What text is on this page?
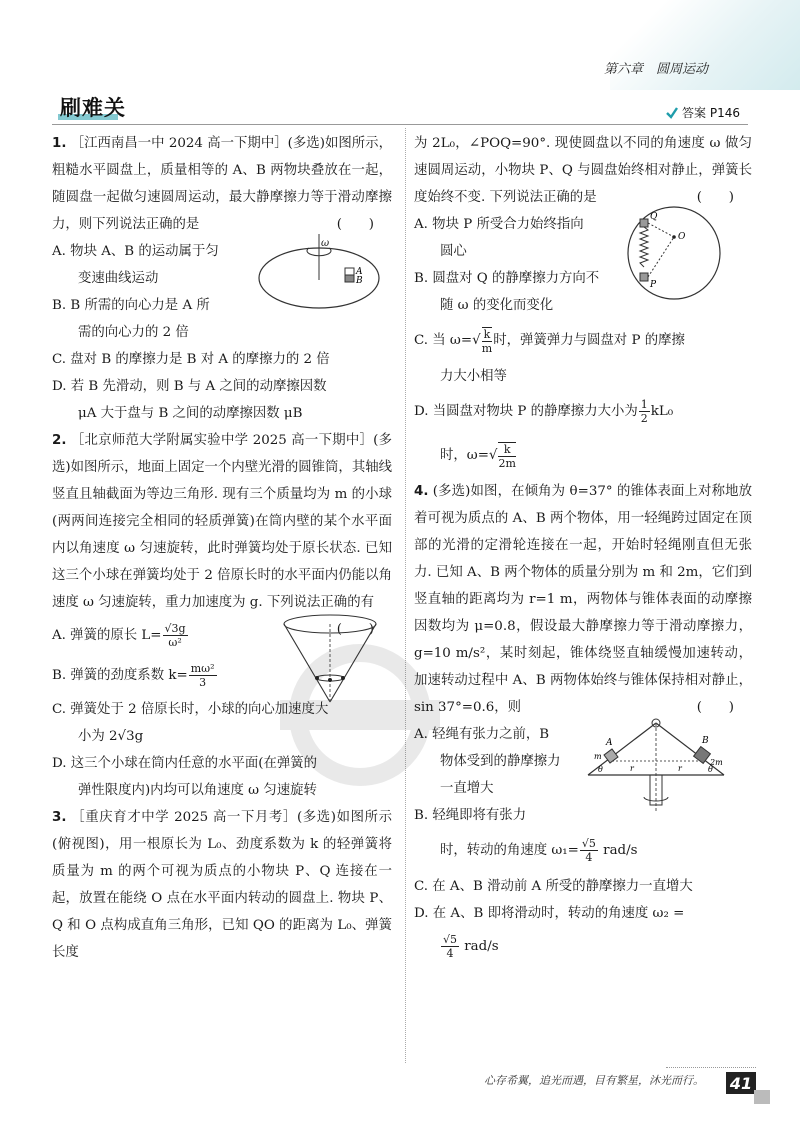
第六章　圆周运动
刷难关	答案 P146

1. ［江西南昌一中 2024 高一下期中］(多选)如图所示，粗糙水平圆盘上，质量相等的 A、B 两物块叠放在一起，随圆盘一起做匀速圆周运动，最大静摩擦力等于滑动摩擦力，则下列说法正确的是	(　　)

A. 物块 A、B 的运动属于匀

变速曲线运动

B. B 所需的向心力是 A 所

需的向心力的 2 倍

ω
A
B

C. 盘对 B 的摩擦力是 B 对 A 的摩擦力的 2 倍

D. 若 B 先滑动，则 B 与 A 之间的动摩擦因数

μA 大于盘与 B 之间的动摩擦因数 μB

2. ［北京师范大学附属实验中学 2025 高一下期中］(多选)如图所示，地面上固定一个内壁光滑的圆锥筒，其轴线竖直且轴截面为等边三角形. 现有三个质量均为 m 的小球(两两间连接完全相同的轻质弹簧)在筒内壁的某个水平面内以角速度 ω 匀速旋转，此时弹簧均处于原长状态. 已知这三个小球在弹簧均处于 2 倍原长时的水平面内仍能以角速度 ω 匀速旋转，重力加速度为 g. 下列说法正确的有
(　　)

A. 弹簧的原长 $L= \frac{√3g}{\text{ω²}}$

B. 弹簧的劲度系数 $k= \frac{\text{mω²}}{3}$

C. 弹簧处于 2 倍原长时，小球的向心加速度大

小为 2√3g

D. 这三个小球在筒内任意的水平面(在弹簧的

弹性限度内)内均可以角速度 ω 匀速旋转

3. ［重庆育才中学 2025 高一下月考］(多选)如图所示(俯视图)，用一根原长为 L₀、劲度系数为 k 的轻弹簧将质量为 m 的两个可视为质点的小物块 P、Q 连接在一起，放置在能绕 O 点在水平面内转动的圆盘上. 物块 P、Q 和 O 点构成直角三角形，已知 QO 的距离为 L₀、弹簧长度

为 2L₀，∠POQ=90°. 现使圆盘以不同的角速度 ω 做匀速圆周运动，小物块 P、Q 与圆盘始终相对静止，弹簧长度始终不变. 下列说法正确的是	(　　)

A. 物块 P 所受合力始终指向

圆心

B. 圆盘对 Q 的静摩擦力方向不

随 ω 的变化而变化

Q
P
O

C. 当 $\omega=√ \frac{k}{m}$ 时，弹簧弹力与圆盘对 P 的摩擦

力大小相等

D. 当圆盘对物块 P 的静摩擦力大小为 $\frac{1}{2} kL_0$

时，$\omega=√ \frac{k}{2m}$

4. (多选)如图，在倾角为 θ=37° 的锥体表面上对称地放着可视为质点的 A、B 两个物体，用一轻绳跨过固定在顶部的光滑的定滑轮连接在一起，开始时轻绳刚直但无张力. 已知 A、B 两个物体的质量分别为 m 和 2m，它们到竖直轴的距离均为 r=1 m，两物体与锥体表面的动摩擦因数均为 μ=0.8，假设最大静摩擦力等于滑动摩擦力，g=10 m/s²，某时刻起，锥体绕竖直轴缓慢加速转动，加速转动过程中 A、B 两物体始终与锥体保持相对静止，sin 37°=0.6，则	(　　)

A. 轻绳有张力之前，B

物体受到的静摩擦力

一直增大

B. 轻绳即将有张力

A	B
m
2m
r	r
θ	θ

时，转动的角速度 $\omega_1= \frac{√5}{4} rad/s$

C. 在 A、B 滑动前 A 所受的静摩擦力一直增大

D. 在 A、B 即将滑动时，转动的角速度 ω₂ =

$\frac{√5}{4} rad/s$

心存希翼，追光而遇，目有繁星，沐光而行。 41
